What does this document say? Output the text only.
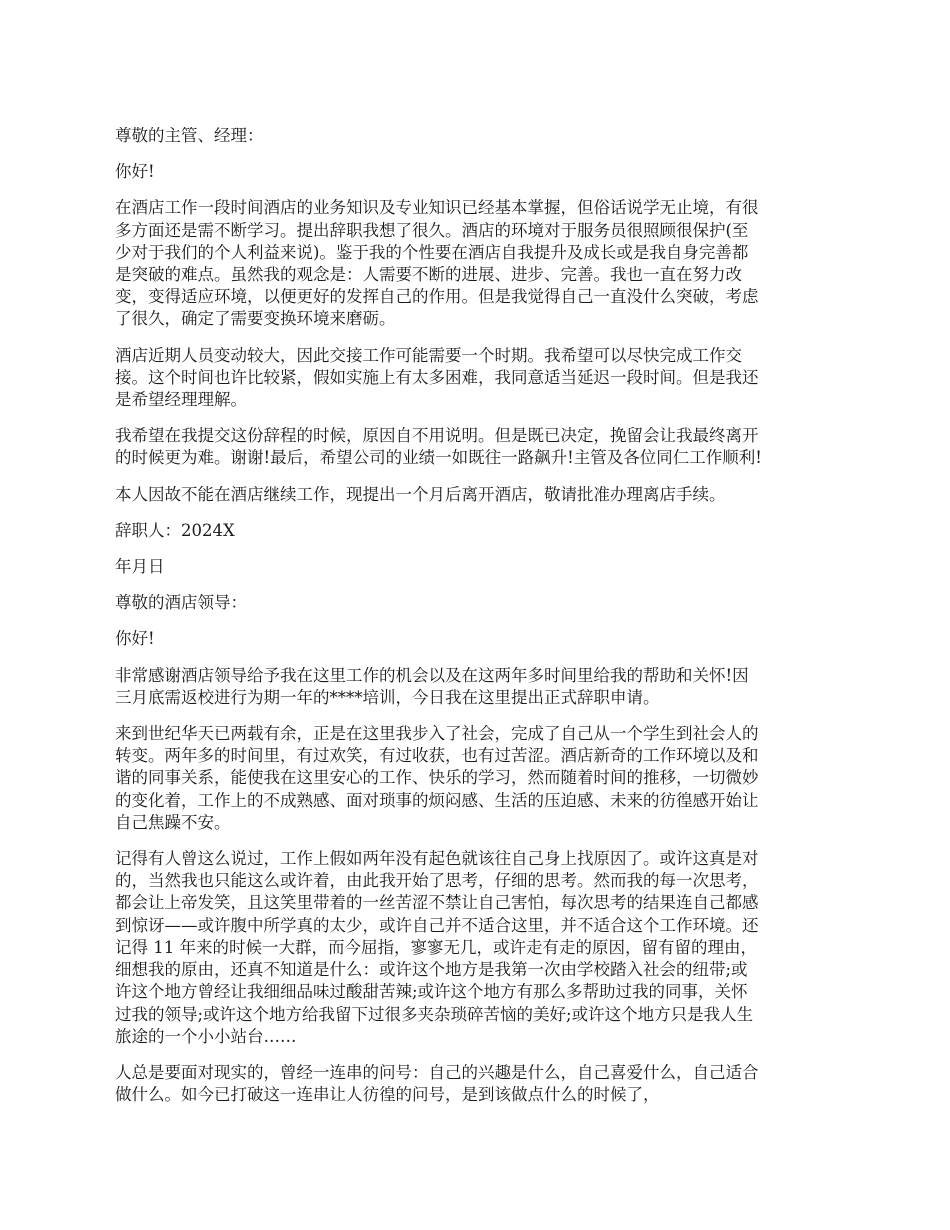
尊敬的主管、经理：

你好!

在酒店工作一段时间酒店的业务知识及专业知识已经基本掌握，但俗话说学无止境，有很
多方面还是需不断学习。提出辞职我想了很久。酒店的环境对于服务员很照顾很保护(至
少对于我们的个人利益来说)。鉴于我的个性要在酒店自我提升及成长或是我自身完善都
是突破的难点。虽然我的观念是：人需要不断的进展、进步、完善。我也一直在努力改
变，变得适应环境，以便更好的发挥自己的作用。但是我觉得自己一直没什么突破，考虑
了很久，确定了需要变换环境来磨砺。

酒店近期人员变动较大，因此交接工作可能需要一个时期。我希望可以尽快完成工作交
接。这个时间也许比较紧，假如实施上有太多困难，我同意适当延迟一段时间。但是我还
是希望经理理解。

我希望在我提交这份辞程的时候，原因自不用说明。但是既已决定，挽留会让我最终离开
的时候更为难。谢谢!最后，希望公司的业绩一如既往一路飙升!主管及各位同仁工作顺利!

本人因故不能在酒店继续工作，现提出一个月后离开酒店，敬请批准办理离店手续。

辞职人：2024X

年月日

尊敬的酒店领导：

你好!

非常感谢酒店领导给予我在这里工作的机会以及在这两年多时间里给我的帮助和关怀!因
三月底需返校进行为期一年的****培训，今日我在这里提出正式辞职申请。

来到世纪华天已两载有余，正是在这里我步入了社会，完成了自己从一个学生到社会人的
转变。两年多的时间里，有过欢笑，有过收获，也有过苦涩。酒店新奇的工作环境以及和
谐的同事关系，能使我在这里安心的工作、快乐的学习，然而随着时间的推移，一切微妙
的变化着，工作上的不成熟感、面对琐事的烦闷感、生活的压迫感、未来的彷徨感开始让
自己焦躁不安。

记得有人曾这么说过，工作上假如两年没有起色就该往自己身上找原因了。或许这真是对
的，当然我也只能这么或许着，由此我开始了思考，仔细的思考。然而我的每一次思考，
都会让上帝发笑，且这笑里带着的一丝苦涩不禁让自己害怕，每次思考的结果连自己都感
到惊讶——或许腹中所学真的太少，或许自己并不适合这里，并不适合这个工作环境。还
记得 11 年来的时候一大群，而今屈指，寥寥无几，或许走有走的原因，留有留的理由，
细想我的原由，还真不知道是什么：或许这个地方是我第一次由学校踏入社会的纽带;或
许这个地方曾经让我细细品味过酸甜苦辣;或许这个地方有那么多帮助过我的同事，关怀
过我的领导;或许这个地方给我留下过很多夹杂琐碎苦恼的美好;或许这个地方只是我人生
旅途的一个小小站台……

人总是要面对现实的，曾经一连串的问号：自己的兴趣是什么，自己喜爱什么，自己适合
做什么。如今已打破这一连串让人彷徨的问号，是到该做点什么的时候了，
